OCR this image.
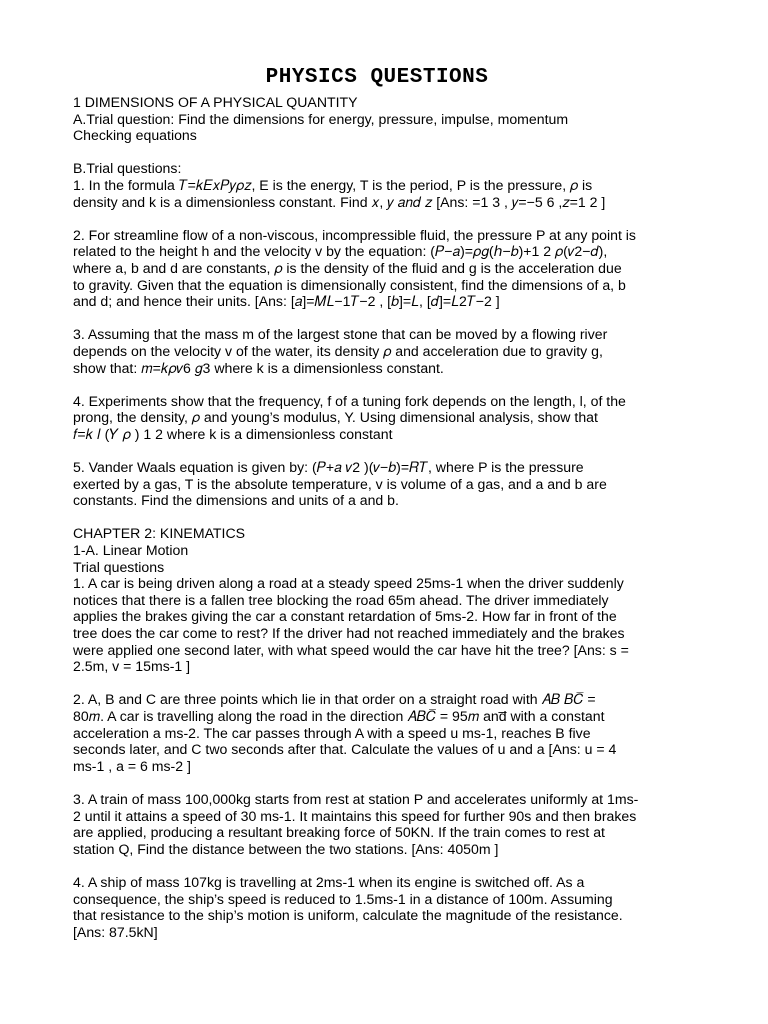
PHYSICS QUESTIONS
1 DIMENSIONS OF A PHYSICAL QUANTITY
A.Trial question: Find the dimensions for energy, pressure, impulse, momentum
Checking equations
B.Trial questions:
1. In the formula 𝑇=𝑘𝐸𝑥𝑃𝑦𝜌𝑧, E is the energy, T is the period, P is the pressure, 𝜌 is
density and k is a dimensionless constant. Find 𝑥, 𝑦 𝑎𝑛𝑑 𝑧 [Ans: =1 3 , 𝑦=−5 6 ,𝑧=1 2 ]
2. For streamline flow of a non-viscous, incompressible fluid, the pressure P at any point is
related to the height h and the velocity v by the equation: (𝑃−𝑎)=𝜌𝑔(ℎ−𝑏)+1 2 𝜌(𝑣2−𝑑),
where a, b and d are constants, 𝜌 is the density of the fluid and g is the acceleration due
to gravity. Given that the equation is dimensionally consistent, find the dimensions of a, b
and d; and hence their units. [Ans: [𝑎]=𝑀𝐿−1𝑇−2 , [𝑏]=𝐿, [𝑑]=𝐿2𝑇−2 ]
3. Assuming that the mass m of the largest stone that can be moved by a flowing river
depends on the velocity v of the water, its density 𝜌 and acceleration due to gravity g,
show that: 𝑚=𝑘𝜌𝑣6 𝑔3 where k is a dimensionless constant.
4. Experiments show that the frequency, f of a tuning fork depends on the length, l, of the
prong, the density, 𝜌 and young’s modulus, Y. Using dimensional analysis, show that
𝑓=𝑘 𝑙 (𝑌 𝜌 ) 1 2 where k is a dimensionless constant
5. Vander Waals equation is given by: (𝑃+𝑎 𝑣2 )(𝑣−𝑏)=𝑅𝑇, where P is the pressure
exerted by a gas, T is the absolute temperature, v is volume of a gas, and a and b are
constants. Find the dimensions and units of a and b.
CHAPTER 2: KINEMATICS
1-A. Linear Motion
Trial questions
1. A car is being driven along a road at a steady speed 25ms-1 when the driver suddenly
notices that there is a fallen tree blocking the road 65m ahead. The driver immediately
applies the brakes giving the car a constant retardation of 5ms-2. How far in front of the
tree does the car come to rest? If the driver had not reached immediately and the brakes
were applied one second later, with what speed would the car have hit the tree? [Ans: s =
2.5m, v = 15ms-1 ]
2. A, B and C are three points which lie in that order on a straight road with 𝐴𝐵 𝐵𝐶̅ =
80𝑚. A car is travelling along the road in the direction 𝐴𝐵𝐶̅ = 95𝑚 and̅ with a constant
acceleration a ms-2. The car passes through A with a speed u ms-1, reaches B five
seconds later, and C two seconds after that. Calculate the values of u and a [Ans: u = 4
ms-1 , a = 6 ms-2 ]
3. A train of mass 100,000kg starts from rest at station P and accelerates uniformly at 1ms-
2 until it attains a speed of 30 ms-1. It maintains this speed for further 90s and then brakes
are applied, producing a resultant breaking force of 50KN. If the train comes to rest at
station Q, Find the distance between the two stations. [Ans: 4050m ]
4. A ship of mass 107kg is travelling at 2ms-1 when its engine is switched off. As a
consequence, the ship’s speed is reduced to 1.5ms-1 in a distance of 100m. Assuming
that resistance to the ship’s motion is uniform, calculate the magnitude of the resistance.
[Ans: 87.5kN]
